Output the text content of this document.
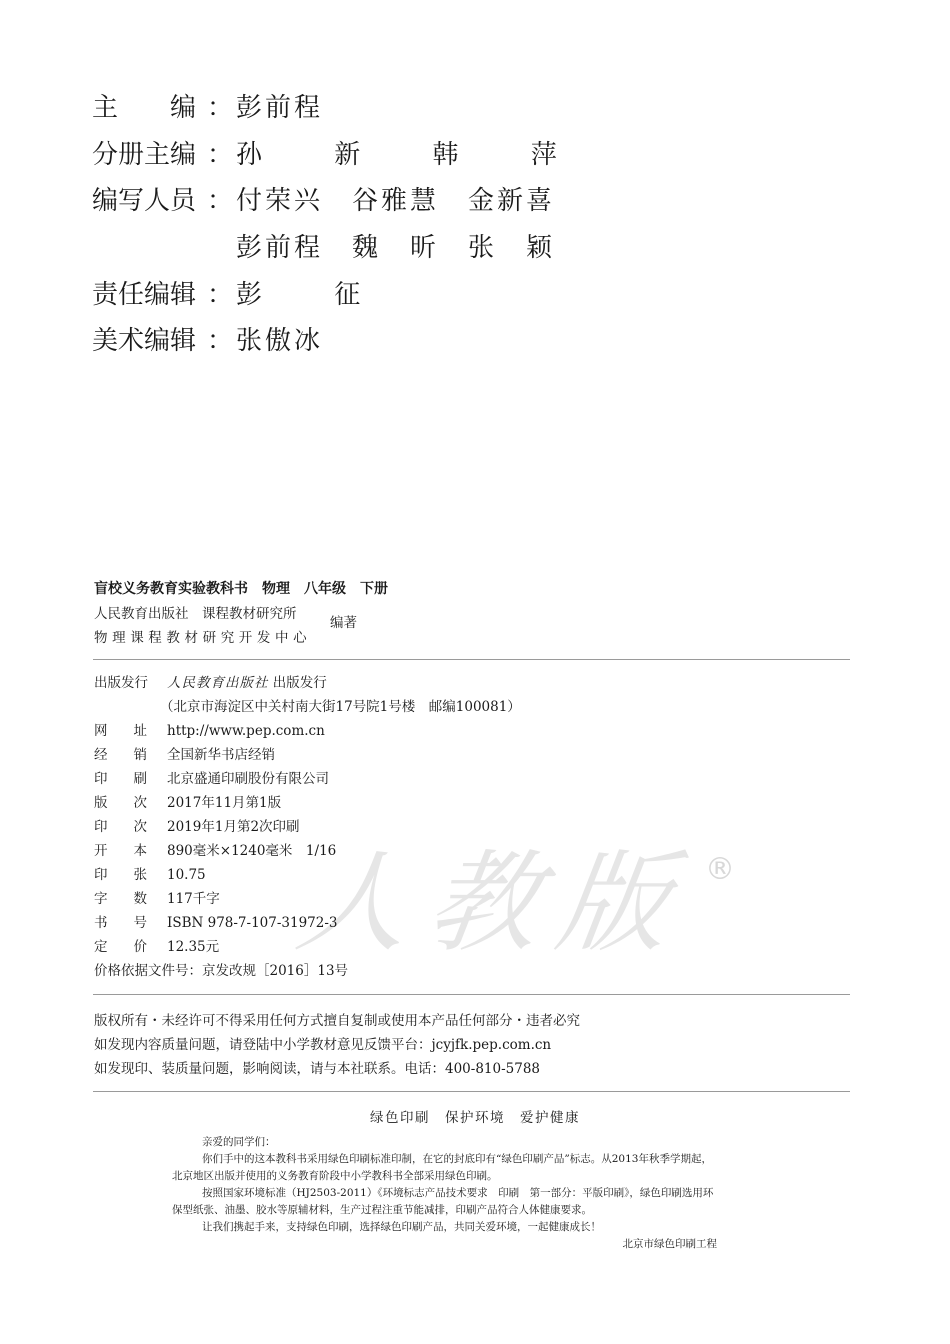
人教版 ®
主　　编 ： 彭前程
分册主编 ： 孙 新 韩 萍
编写人员 ： 付荣兴　谷雅慧　金新喜
彭前程　魏　昕　张　颖
责任编辑 ： 彭 征
美术编辑 ： 张傲冰
盲校义务教育实验教科书　物理　八年级　下册
人民教育出版社　课程教材研究所
物理课程教材研究开发中心
编著
出版发行 人民教育出版社 出版发行
（北京市海淀区中关村南大街17号院1号楼　邮编100081）
网址
http://www.pep.com.cn
经销
全国新华书店经销
印刷
北京盛通印刷股份有限公司
版次
2017年11月第1版
印次
2019年1月第2次印刷
开本
890毫米×1240毫米　1/16
印张
10.75
字数
117千字
书号
ISBN 978-7-107-31972-3
定价
12.35元
价格依据文件号：京发改规［2016］13号
版权所有・未经许可不得采用任何方式擅自复制或使用本产品任何部分・违者必究
如发现内容质量问题，请登陆中小学教材意见反馈平台：jcyjfk.pep.com.cn
如发现印、装质量问题，影响阅读，请与本社联系。电话：400-810-5788
绿色印刷　保护环境　爱护健康

亲爱的同学们：

你们手中的这本教科书采用绿色印刷标准印制，在它的封底印有“绿色印刷产品”标志。从2013年秋季学期起，北京地区出版并使用的义务教育阶段中小学教科书全部采用绿色印刷。

按照国家环境标准（HJ2503-2011）《环境标志产品技术要求　印刷　第一部分：平版印刷》，绿色印刷选用环保型纸张、油墨、胶水等原辅材料，生产过程注重节能减排，印刷产品符合人体健康要求。

让我们携起手来，支持绿色印刷，选择绿色印刷产品，共同关爱环境，一起健康成长！

北京市绿色印刷工程
